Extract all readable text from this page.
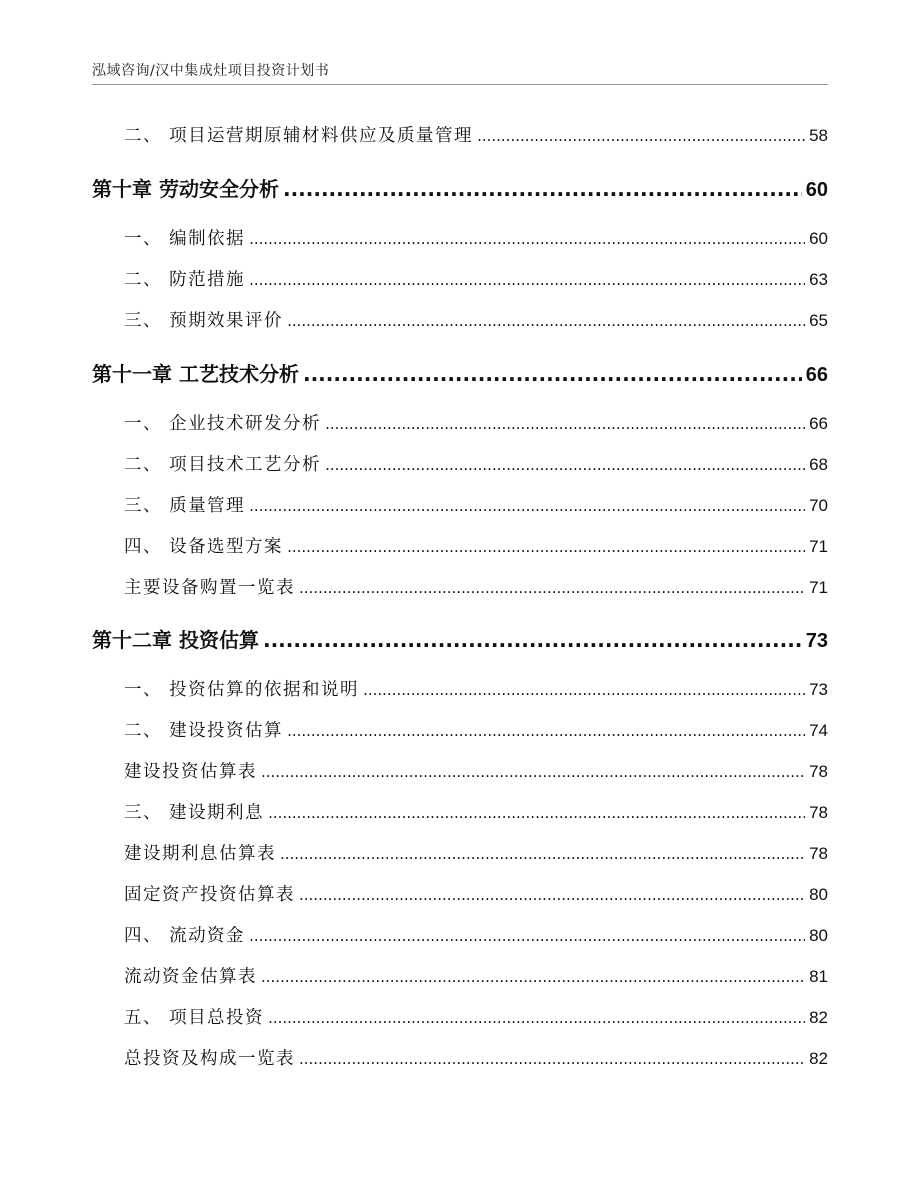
泓域咨询/汉中集成灶项目投资计划书
二、 项目运营期原辅材料供应及质量管理 .....	58
第十章 劳动安全分析 .....	60
一、 编制依据 .....	60
二、 防范措施 .....	63
三、 预期效果评价 .....	65
第十一章 工艺技术分析 .....	66
一、 企业技术研发分析 .....	66
二、 项目技术工艺分析 .....	68
三、 质量管理 .....	70
四、 设备选型方案 .....	71
主要设备购置一览表 .....	71
第十二章 投资估算 .....	73
一、 投资估算的依据和说明 .....	73
二、 建设投资估算 .....	74
建设投资估算表 .....	78
三、 建设期利息 .....	78
建设期利息估算表 .....	78
固定资产投资估算表 .....	80
四、 流动资金 .....	80
流动资金估算表 .....	81
五、 项目总投资 .....	82
总投资及构成一览表 .....	82
